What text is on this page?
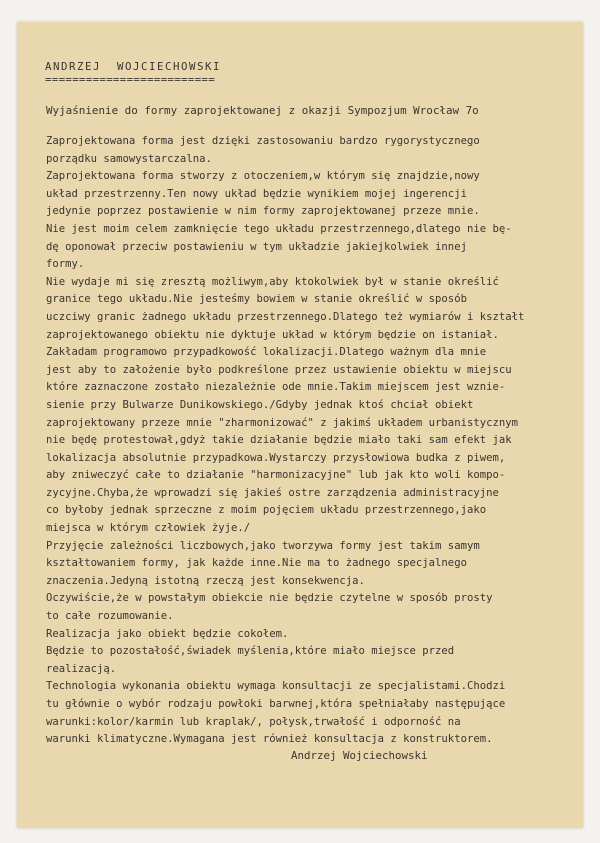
ANDRZEJ  WOJCIECHOWSKI
=========================
Wyjaśnienie do formy zaprojektowanej z okazji Sympozjum Wrocław 7o
Zaprojektowana forma jest dzięki zastosowaniu bardzo rygorystycznego
porządku samowystarczalna.
Zaprojektowana forma stworzy z otoczeniem,w którym się znajdzie,nowy
układ przestrzenny.Ten nowy układ będzie wynikiem mojej ingerencji
jedynie poprzez postawienie w nim formy zaprojektowanej przeze mnie.
Nie jest moim celem zamknięcie tego układu przestrzennego,dlatego nie bę-
dę oponował przeciw postawieniu w tym układzie jakiejkolwiek innej
formy.
Nie wydaje mi się zresztą możliwym,aby ktokolwiek był w stanie określić
granice tego układu.Nie jesteśmy bowiem w stanie określić w sposób
uczciwy granic żadnego układu przestrzennego.Dlatego też wymiarów i kształt
zaprojektowanego obiektu nie dyktuje układ w którym będzie on istaniał.
Zakładam programowo przypadkowość lokalizacji.Dlatego ważnym dla mnie
jest aby to założenie było podkreślone przez ustawienie obiektu w miejscu
które zaznaczone zostało niezależnie ode mnie.Takim miejscem jest wznie-
sienie przy Bulwarze Dunikowskiego./Gdyby jednak ktoś chciał obiekt
zaprojektowany przeze mnie "zharmonizować" z jakimś układem urbanistycznym
nie będę protestował,gdyż takie działanie będzie miało taki sam efekt jak
lokalizacja absolutnie przypadkowa.Wystarczy przysłowiowa budka z piwem,
aby zniweczyć całe to działanie "harmonizacyjne" lub jak kto woli kompo-
zycyjne.Chyba,że wprowadzi się jakieś ostre zarządzenia administracyjne
co byłoby jednak sprzeczne z moim pojęciem układu przestrzennego,jako
miejsca w którym człowiek żyje./
Przyjęcie zależności liczbowych,jako tworzywa formy jest takim samym
kształtowaniem formy, jak każde inne.Nie ma to żadnego specjalnego
znaczenia.Jedyną istotną rzeczą jest konsekwencja.
Oczywiście,że w powstałym obiekcie nie będzie czytelne w sposób prosty
to całe rozumowanie.
Realizacja jako obiekt będzie cokołem.
Będzie to pozostałość,świadek myślenia,które miało miejsce przed
realizacją.
Technologia wykonania obiektu wymaga konsultacji ze specjalistami.Chodzi
tu głównie o wybór rodzaju powłoki barwnej,która spełniałaby następujące
warunki:kolor/karmin lub kraplak/, połysk,trwałość i odporność na
warunki klimatyczne.Wymagana jest również konsultacja z konstruktorem.
Andrzej Wojciechowski
